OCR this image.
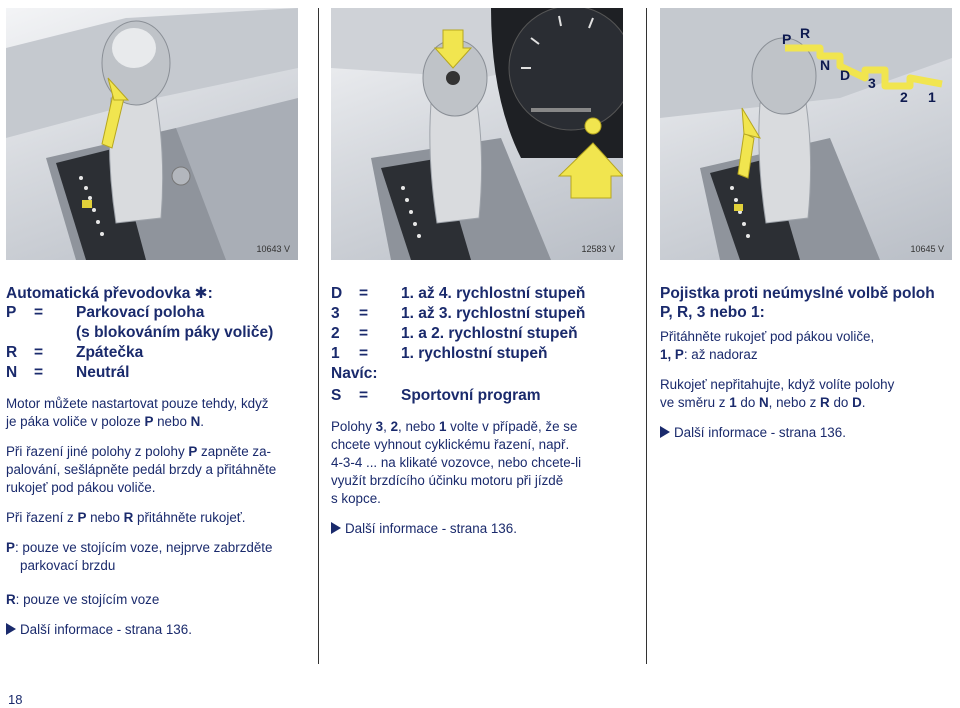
10643 V	12583 V
P R
N
D 3
2 1
10645 V
Automatická převodovka ✱:
P	=	Parkovací poloha
(s blokováním páky voliče)
R	=	Zpátečka
N	=	Neutrál

Motor můžete nastartovat pouze tehdy, když
je páka voliče v poloze P nebo N.

Při řazení jiné polohy z polohy P zapněte za-
palování, sešlápněte pedál brzdy a přitáhněte
rukojeť pod pákou voliče.

Při řazení z P nebo R přitáhněte rukojeť.

P: pouze ve stojícím voze, nejprve zabrzděte
parkovací brzdu

R: pouze ve stojícím voze

Další informace - strana 136.
D	=	1. až 4. rychlostní stupeň
3	=	1. až 3. rychlostní stupeň
2	=	1. a 2. rychlostní stupeň
1	=	1. rychlostní stupeň
Navíc:
S	=	Sportovní program

Polohy 3, 2, nebo 1 volte v případě, že se
chcete vyhnout cyklickému řazení, např.
4-3-4 ... na klikaté vozovce, nebo chcete-li
využít brzdícího účinku motoru při jízdě
s kopce.

Další informace - strana 136.
Pojistka proti neúmyslné volbě poloh
P, R, 3 nebo 1:

Přitáhněte rukojeť pod pákou voliče,
1, P: až nadoraz

Rukojeť nepřitahujte, když volíte polohy
ve směru z 1 do N, nebo z R do D.

Další informace - strana 136.
18
